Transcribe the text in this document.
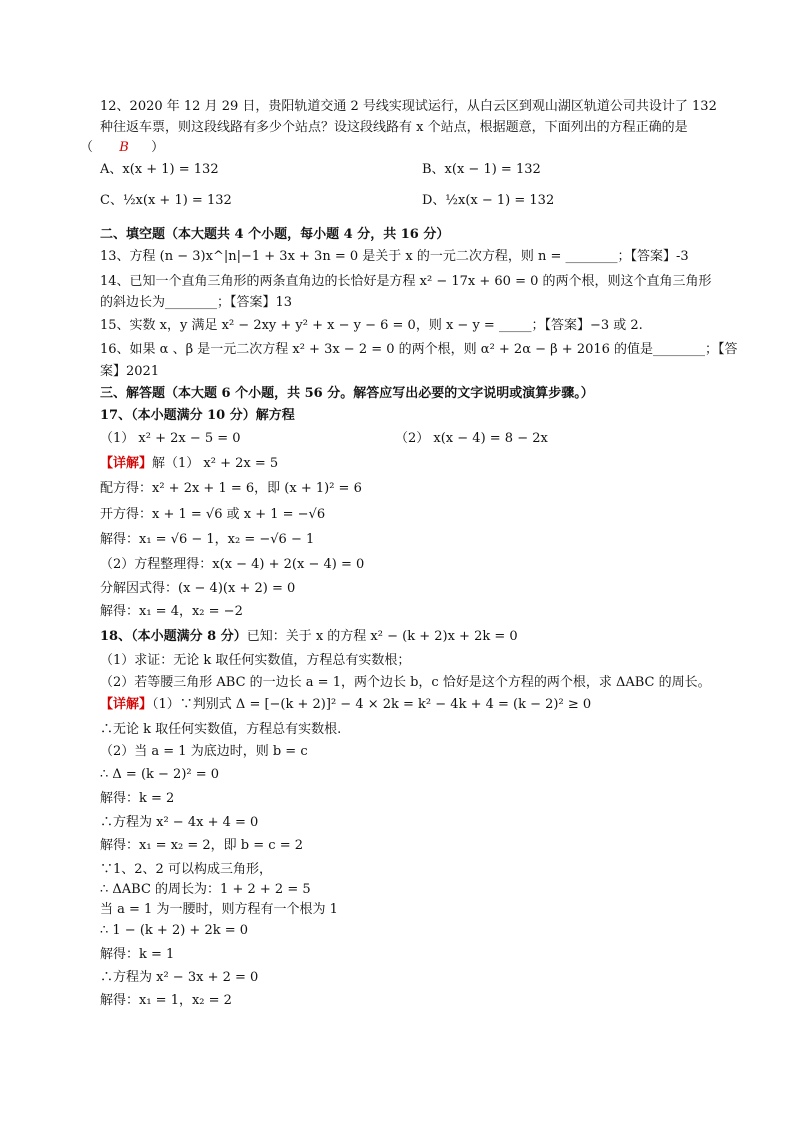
12、2020 年 12 月 29 日，贵阳轨道交通 2 号线实现试运行，从白云区到观山湖区轨道公司共设计了 132
种往返车票，则这段线路有多少个站点？设这段线路有 x 个站点，根据题意，下面列出的方程正确的是
（ B ）
A、x(x + 1) = 132	B、x(x − 1) = 132
C、½x(x + 1) = 132	D、½x(x − 1) = 132
二、填空题（本大题共 4 个小题，每小题 4 分，共 16 分）
13、方程 (n − 3)x^|n|−1 + 3x + 3n = 0 是关于 x 的一元二次方程，则 n = ________；【答案】-3
14、已知一个直角三角形的两条直角边的长恰好是方程 x² − 17x + 60 = 0 的两个根，则这个直角三角形
的斜边长为________；【答案】13
15、实数 x，y 满足 x² − 2xy + y² + x − y − 6 = 0，则 x − y = _____；【答案】−3 或 2.
16、如果 α 、β 是一元二次方程 x² + 3x − 2 = 0 的两个根，则 α² + 2α − β + 2016 的值是________；【答
案】2021
三、解答题（本大题 6 个小题，共 56 分。解答应写出必要的文字说明或演算步骤。）
17、（本小题满分 10 分）解方程
（1） x² + 2x − 5 = 0	（2） x(x − 4) = 8 − 2x
【详解】解（1） x² + 2x = 5
配方得：x² + 2x + 1 = 6，即 (x + 1)² = 6
开方得：x + 1 = √6 或 x + 1 = −√6
解得：x₁ = √6 − 1，x₂ = −√6 − 1
（2）方程整理得：x(x − 4) + 2(x − 4) = 0
分解因式得：(x − 4)(x + 2) = 0
解得：x₁ = 4，x₂ = −2
18、（本小题满分 8 分）已知：关于 x 的方程 x² − (k + 2)x + 2k = 0
（1）求证：无论 k 取任何实数值，方程总有实数根；
（2）若等腰三角形 ABC 的一边长 a = 1，两个边长 b，c 恰好是这个方程的两个根，求 ΔABC 的周长。
【详解】（1）∵判别式 Δ = [−(k + 2)]² − 4 × 2k = k² − 4k + 4 = (k − 2)² ≥ 0
∴无论 k 取任何实数值，方程总有实数根.
（2）当 a = 1 为底边时，则 b = c
∴ Δ = (k − 2)² = 0
解得：k = 2
∴方程为 x² − 4x + 4 = 0
解得：x₁ = x₂ = 2，即 b = c = 2
∵1、2、2 可以构成三角形，
∴ ΔABC 的周长为：1 + 2 + 2 = 5
当 a = 1 为一腰时，则方程有一个根为 1
∴ 1 − (k + 2) + 2k = 0
解得：k = 1
∴方程为 x² − 3x + 2 = 0
解得：x₁ = 1，x₂ = 2
